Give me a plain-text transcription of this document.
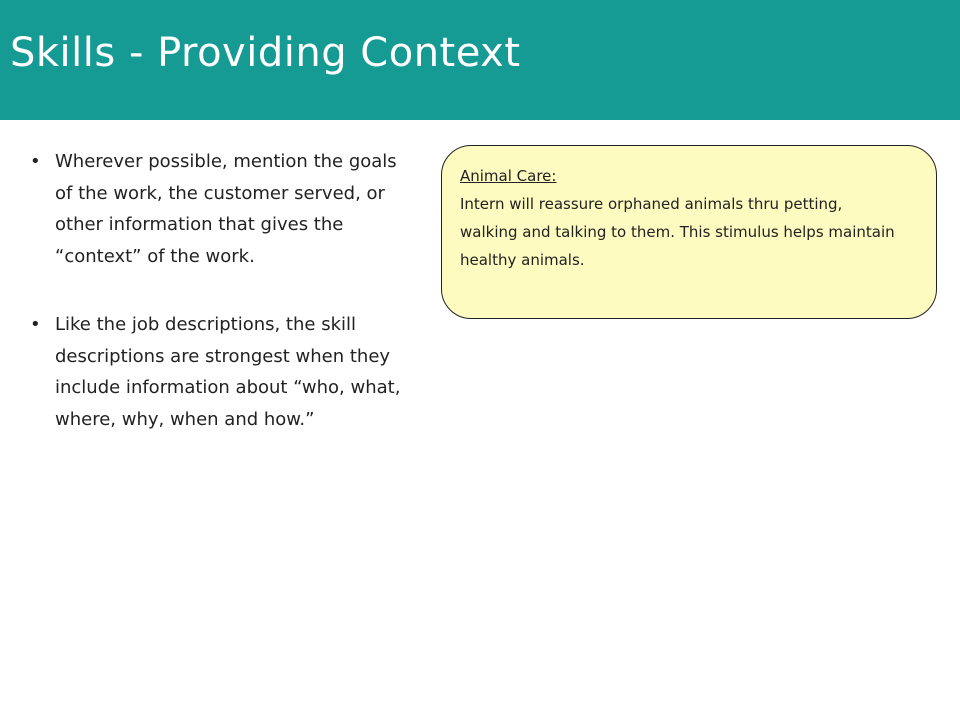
Skills - Providing Context
• Wherever possible, mention the goals of the work, the customer served, or other information that gives the “context” of the work.
• Like the job descriptions, the skill descriptions are strongest when they include information about “who, what, where, why, when and how.”
Animal Care:

Intern will reassure orphaned animals thru petting, walking and talking to them. This stimulus helps maintain healthy animals.
